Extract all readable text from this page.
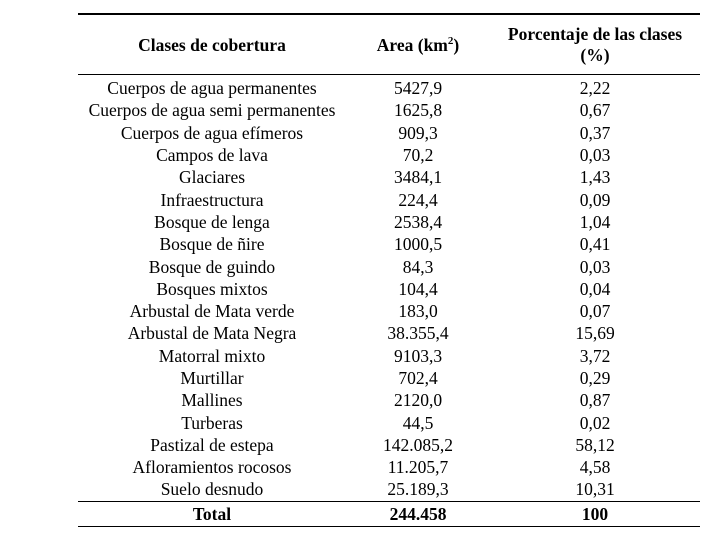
Clases de cobertura	Area $(km^2)$	Porcentaje de las clases
(%)
Cuerpos de agua permanentes	5427,9	2,22
Cuerpos de agua semi permanentes	1625,8	0,67
Cuerpos de agua efímeros	909,3	0,37
Campos de lava	70,2	0,03
Glaciares	3484,1	1,43
Infraestructura	224,4	0,09
Bosque de lenga	2538,4	1,04
Bosque de ñire	1000,5	0,41
Bosque de guindo	84,3	0,03
Bosques mixtos	104,4	0,04
Arbustal de Mata verde	183,0	0,07
Arbustal de Mata Negra	38.355,4	15,69
Matorral mixto	9103,3	3,72
Murtillar	702,4	0,29
Mallines	2120,0	0,87
Turberas	44,5	0,02
Pastizal de estepa	142.085,2	58,12
Afloramientos rocosos	11.205,7	4,58
Suelo desnudo	25.189,3	10,31
Total	244.458	100
